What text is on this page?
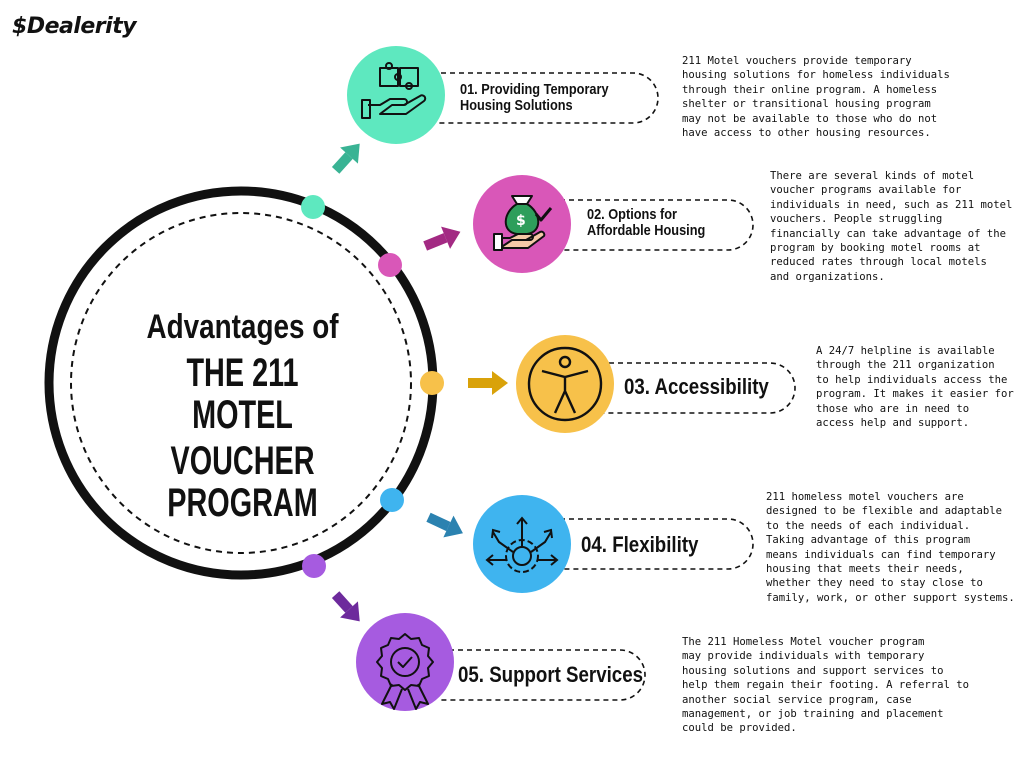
$
$Dealerity
Advantages of
THE 211 MOTEL
VOUCHER PROGRAM
01. Providing Temporary
Housing Solutions
211 Motel vouchers provide temporary
housing solutions for homeless individuals
through their online program. A homeless
shelter or transitional housing program
may not be available to those who do not
have access to other housing resources.
02. Options for
Affordable Housing
There are several kinds of motel
voucher programs available for
individuals in need, such as 211 motel
vouchers. People struggling
financially can take advantage of the
program by booking motel rooms at
reduced rates through local motels
and organizations.
03. Accessibility
A 24/7 helpline is available
through the 211 organization
to help individuals access the
program. It makes it easier for
those who are in need to
access help and support.
04. Flexibility
211 homeless motel vouchers are
designed to be flexible and adaptable
to the needs of each individual.
Taking advantage of this program
means individuals can find temporary
housing that meets their needs,
whether they need to stay close to
family, work, or other support systems.
05. Support Services
The 211 Homeless Motel voucher program
may provide individuals with temporary
housing solutions and support services to
help them regain their footing. A referral to
another social service program, case
management, or job training and placement
could be provided.
